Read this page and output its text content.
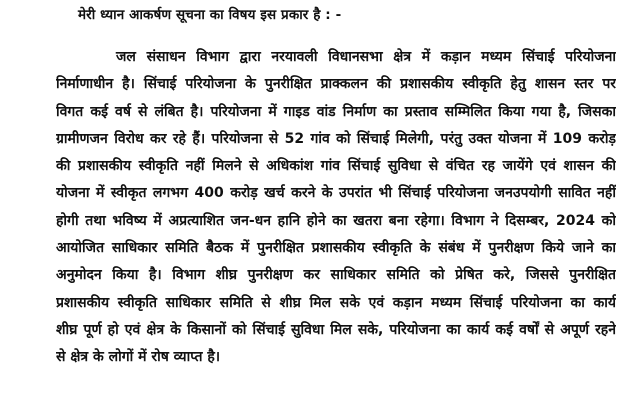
मेरी ध्यान आकर्षण सूचना का विषय इस प्रकार है : -
जल संसाधन विभाग द्वारा नरयावली विधानसभा क्षेत्र में कड़ान मध्यम सिंचाई परियोजना
निर्माणाधीन है। सिंचाई परियोजना के पुनरीक्षित प्राक्कलन की प्रशासकीय स्वीकृति हेतु शासन स्तर पर
विगत कई वर्ष से लंबित है। परियोजना में गाइड वांड निर्माण का प्रस्ताव सम्मिलित किया गया है, जिसका
ग्रामीणजन विरोध कर रहे हैं। परियोजना से 52 गांव को सिंचाई मिलेगी, परंतु उक्त योजना में 109 करोड़
की प्रशासकीय स्वीकृति नहीं मिलने से अधिकांश गांव सिंचाई सुविधा से वंचित रह जायेंगे एवं शासन की
योजना में स्वीकृत लगभग 400 करोड़ खर्च करने के उपरांत भी सिंचाई परियोजना जनउपयोगी सावित नहीं
होगी तथा भविष्य में अप्रत्याशित जन-धन हानि होने का खतरा बना रहेगा। विभाग ने दिसम्बर, 2024 को
आयोजित साधिकार समिति बैठक में पुनरीक्षित प्रशासकीय स्वीकृति के संबंध में पुनरीक्षण किये जाने का
अनुमोदन किया है। विभाग शीघ्र पुनरीक्षण कर साधिकार समिति को प्रेषित करे, जिससे पुनरीक्षित
प्रशासकीय स्वीकृति साधिकार समिति से शीघ्र मिल सके एवं कड़ान मध्यम सिंचाई परियोजना का कार्य
शीघ्र पूर्ण हो एवं क्षेत्र के किसानों को सिंचाई सुविधा मिल सके, परियोजना का कार्य कई वर्षों से अपूर्ण रहने
से क्षेत्र के लोगों में रोष व्याप्त है।
